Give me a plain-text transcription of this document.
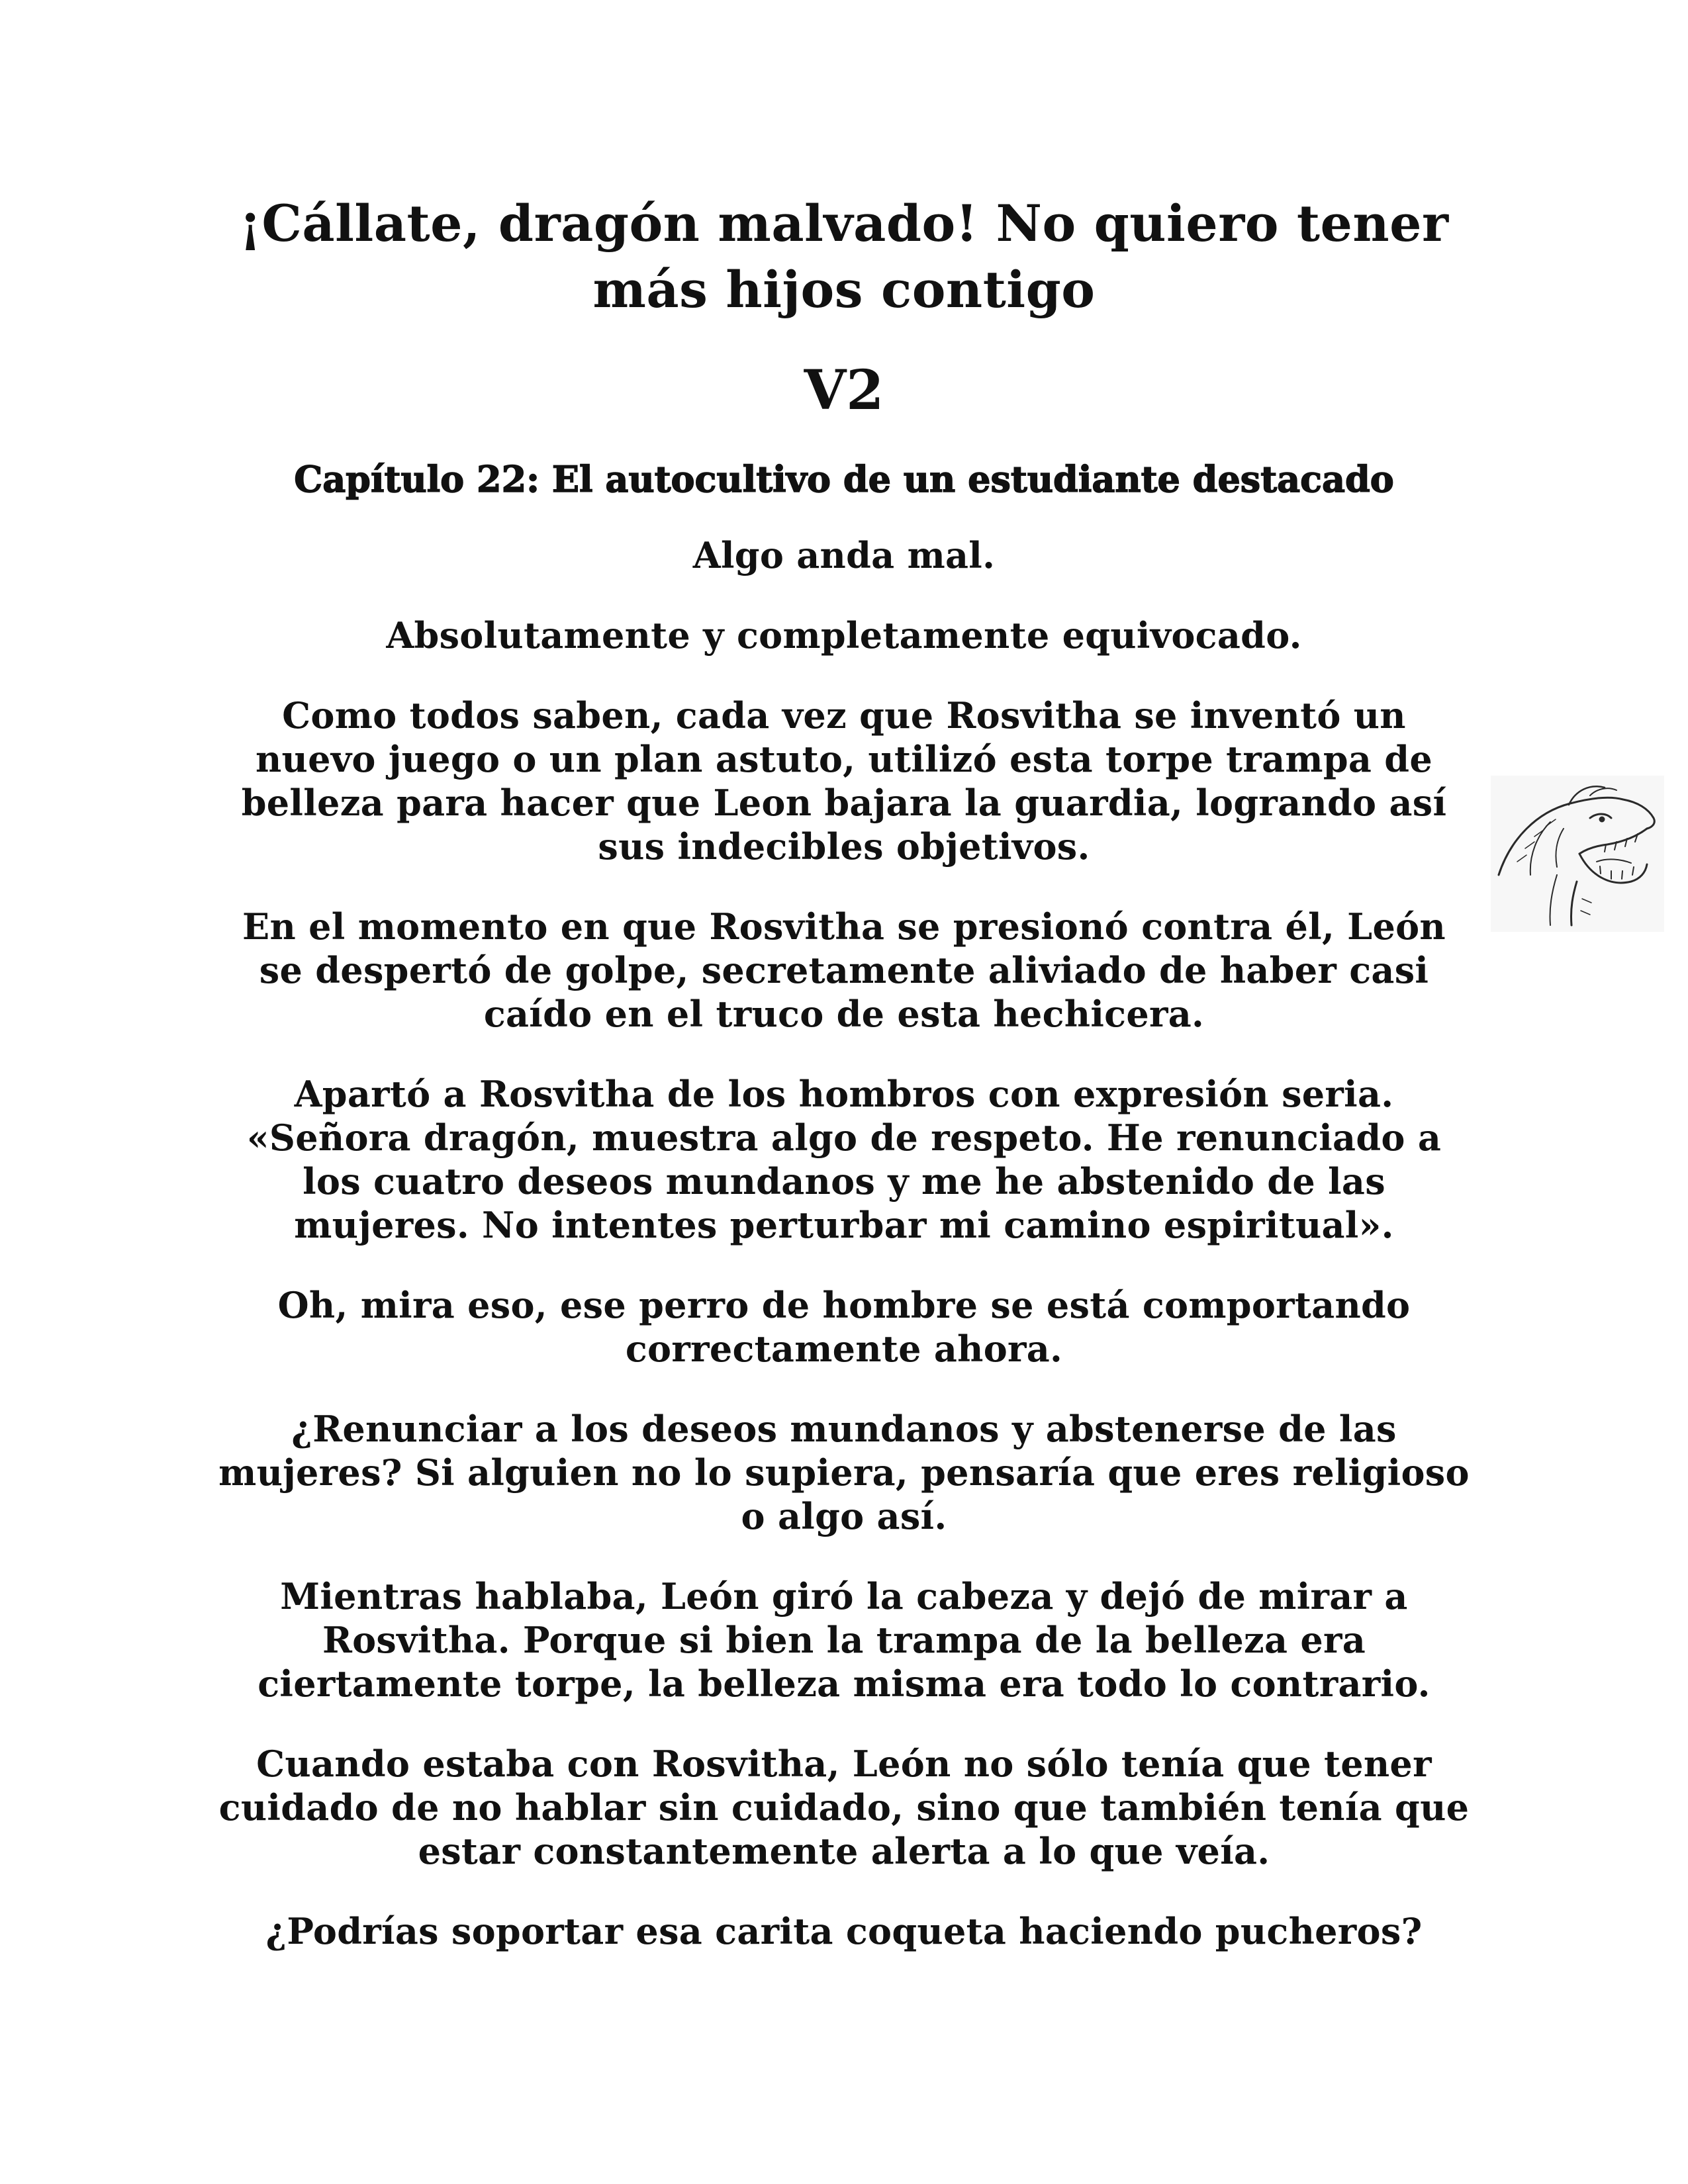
¡Cállate, dragón malvado! No quiero tener más hijos contigo
V2
Capítulo 22: El autocultivo de un estudiante destacado

Algo anda mal.

Absolutamente y completamente equivocado.

Como todos saben, cada vez que Rosvitha se inventó un nuevo juego o un plan astuto, utilizó esta torpe trampa de belleza para hacer que Leon bajara la guardia, logrando así sus indecibles objetivos.

En el momento en que Rosvitha se presionó contra él, León se despertó de golpe, secretamente aliviado de haber casi caído en el truco de esta hechicera.

Apartó a Rosvitha de los hombros con expresión seria. «Señora dragón, muestra algo de respeto. He renunciado a los cuatro deseos mundanos y me he abstenido de las mujeres. No intentes perturbar mi camino espiritual».

Oh, mira eso, ese perro de hombre se está comportando correctamente ahora.

¿Renunciar a los deseos mundanos y abstenerse de las mujeres? Si alguien no lo supiera, pensaría que eres religioso o algo así.

Mientras hablaba, León giró la cabeza y dejó de mirar a Rosvitha. Porque si bien la trampa de la belleza era ciertamente torpe, la belleza misma era todo lo contrario.

Cuando estaba con Rosvitha, León no sólo tenía que tener cuidado de no hablar sin cuidado, sino que también tenía que estar constantemente alerta a lo que veía.

¿Podrías soportar esa carita coqueta haciendo pucheros?
